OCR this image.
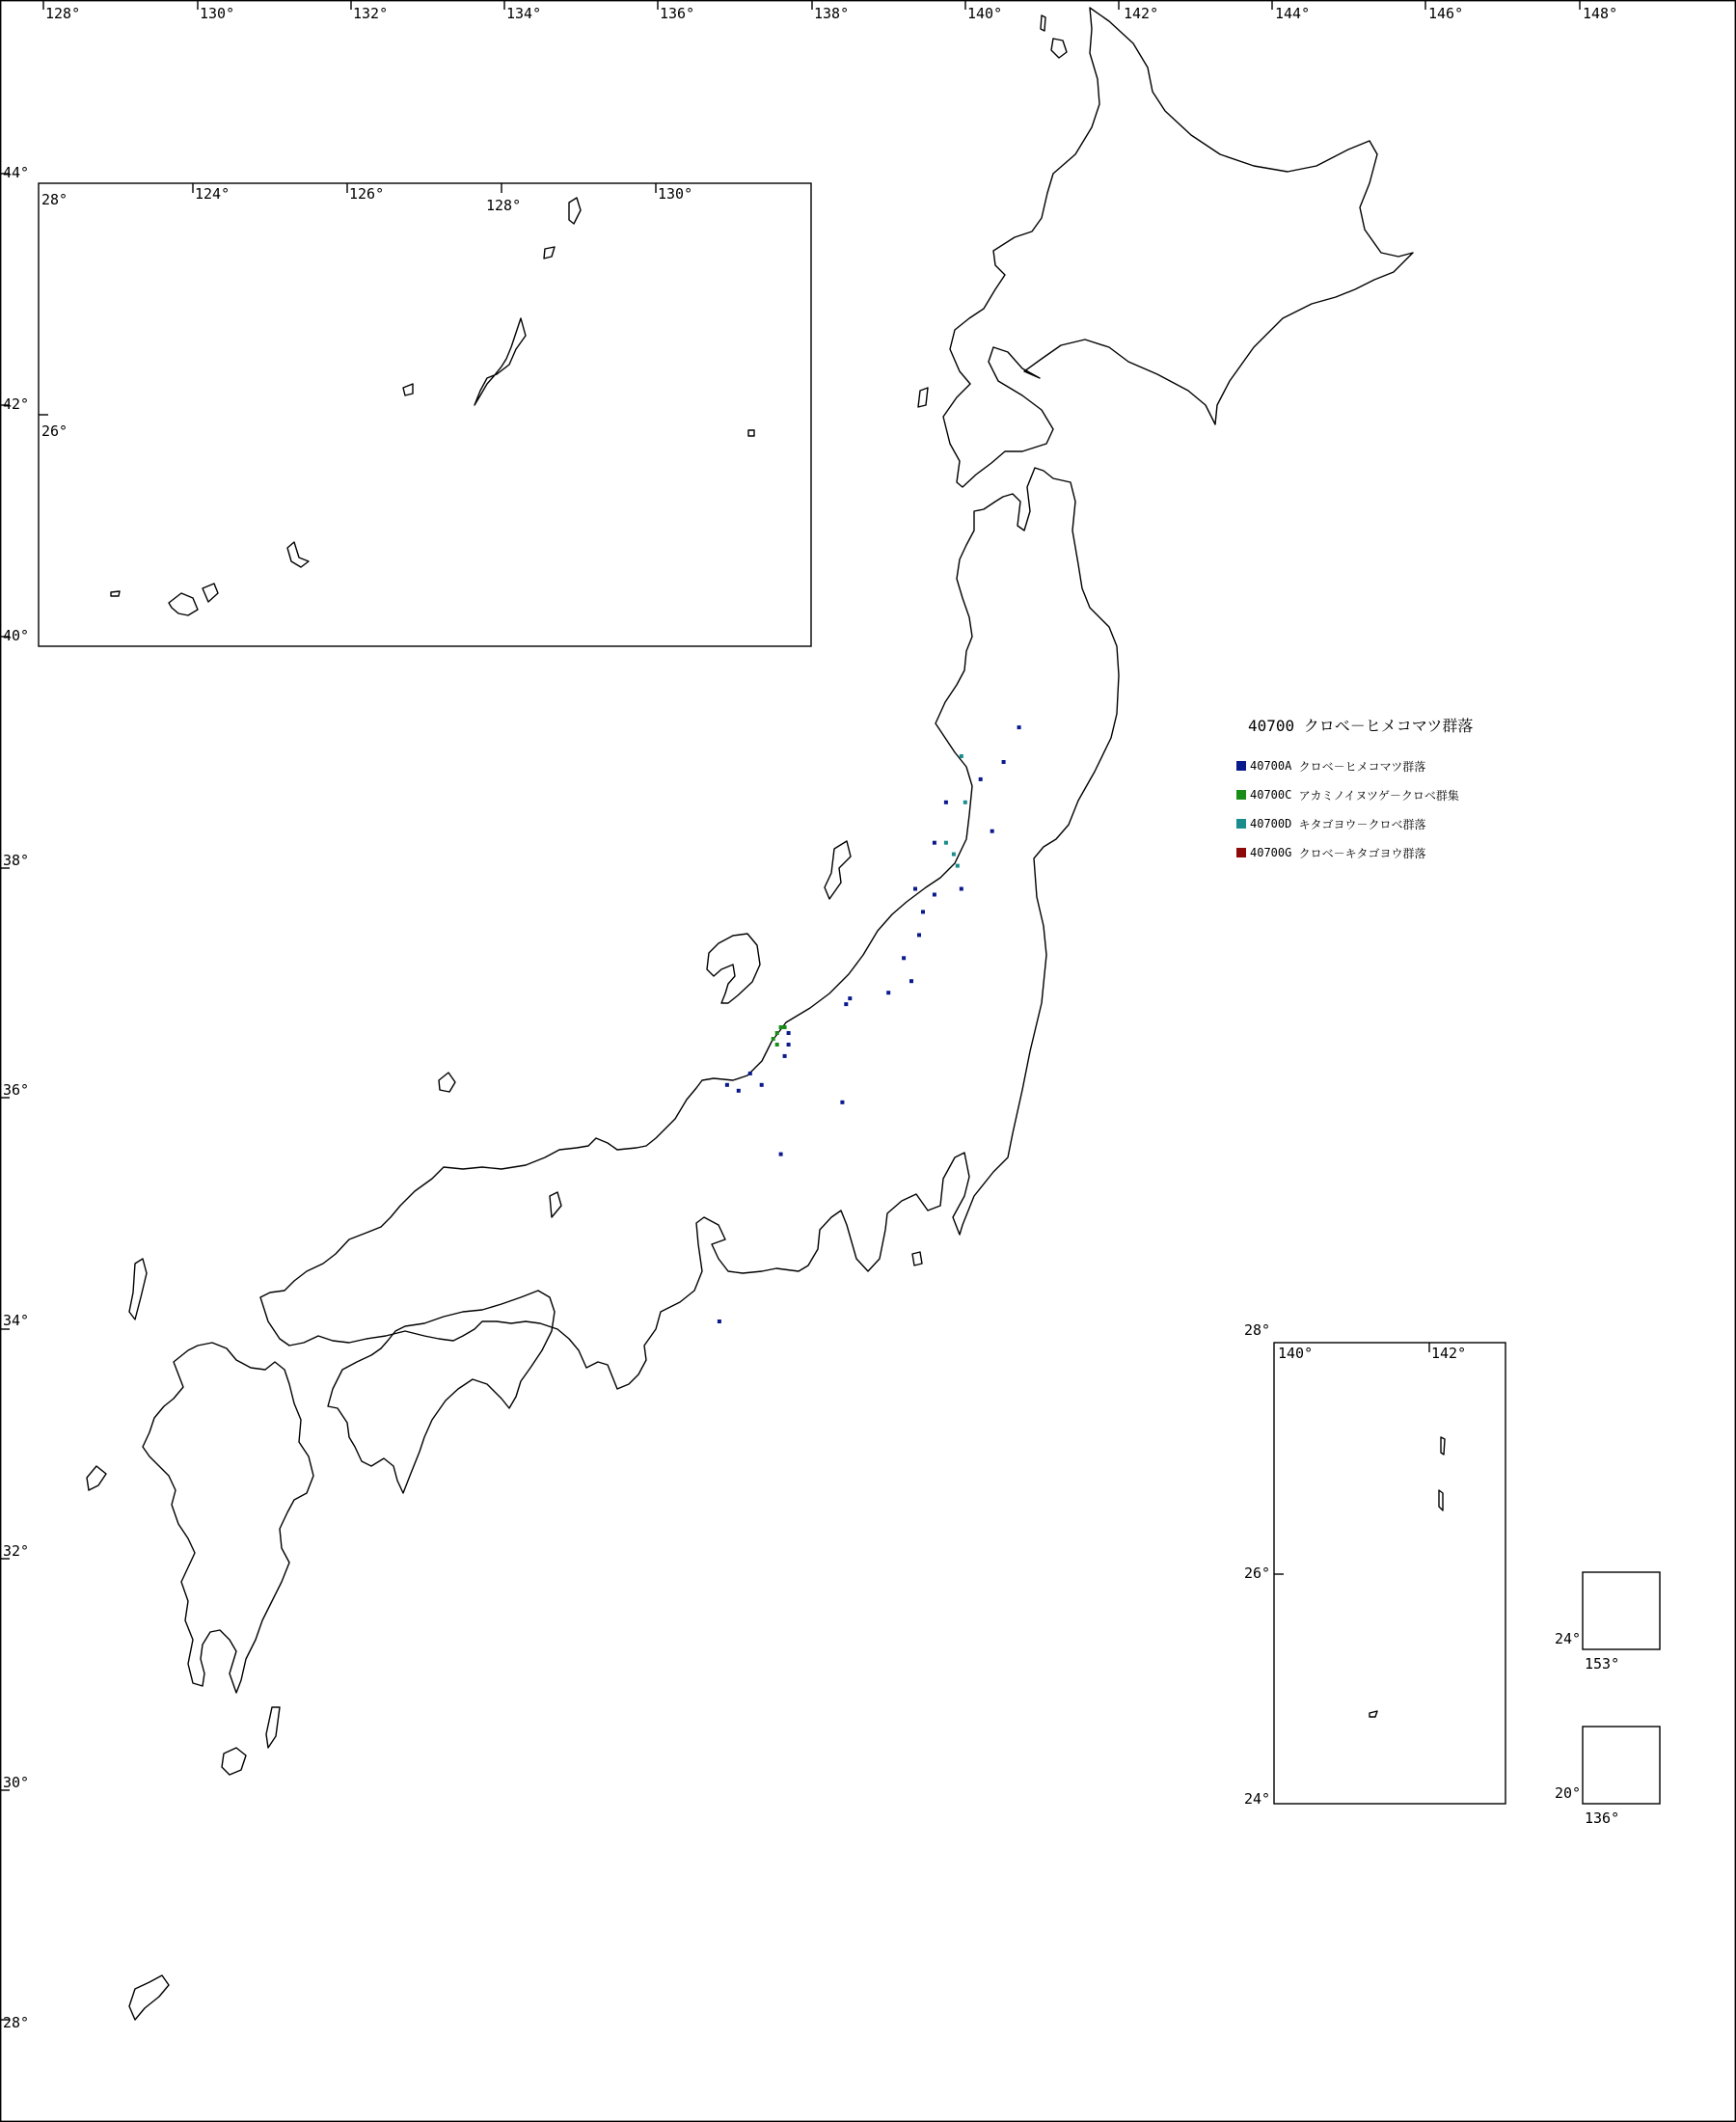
128°	130°	132°	134°	136°	138°	140°	142°	144°	146°	148°
44°
42°
40°
38°
36°
34°
32°
30°
28°
28°	124°	126°
128°
130°
26°
28°
140°	142°
26°
24°
24°
153°
20°
136°
40700 クロベ－ヒメコマツ群落
40700A
クロベ－ヒメコマツ群落
40700C
アカミノイヌツゲ－クロベ群集
40700D
キタゴヨウ－クロベ群落
40700G
クロベ－キタゴヨウ群落
